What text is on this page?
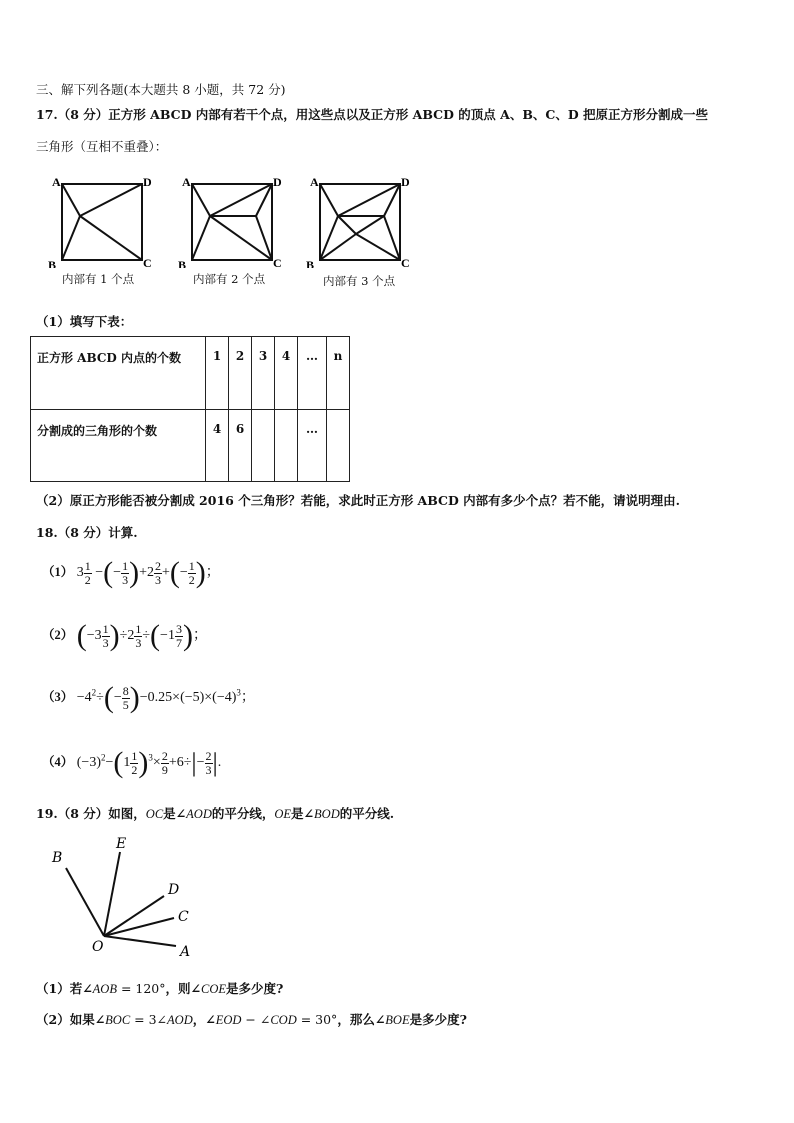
三、解下列各题(本大题共 8 小题，共 72 分)
17.（8 分）正方形 ABCD 内部有若干个点，用这些点以及正方形 ABCD 的顶点 A、B、C、D 把原正方形分割成一些
三角形（互相不重叠）：
A
B	C
D
内部有 1 个点
A
B	C
D
内部有 2 个点
A
B	C
D
内部有 3 个点
（1）填写下表：
正方形 ABCD 内点的个数	1	2	3	4	…	n
分割成的三角形的个数	4	6			…	
（2）原正方形能否被分割成 2016 个三角形？若能，求此时正方形 ABCD 内部有多少个点？若不能，请说明理由.
18.（8 分）计算.
（1） $3 \frac{1}{2}$ −(− $\frac{1}{3} )+2 \frac{2}{3}$ +(− $\frac{1}{2}$ )；
（2） $(-3 \frac{1}{3} )\div 2 \frac{1}{3} \div(-1 \frac{3}{7}$ )；
$(3) -4^2\div(- \frac{8}{5} )-0.25\times(-5)\times(-4)^3$；
（4） $(-3)^2-(1 \frac{1}{2} )^3\times \frac{2}{9} +6\div|- \frac{2}{3}$ |.
19.（8 分）如图，OC是∠AOD的平分线，OE是∠BOD的平分线.
B
E
D
C
A
O
（1）若∠AOB = 120°，则∠COE是多少度?
（2）如果∠BOC = 3∠AOD，∠EOD − ∠COD = 30°，那么∠BOE是多少度?
